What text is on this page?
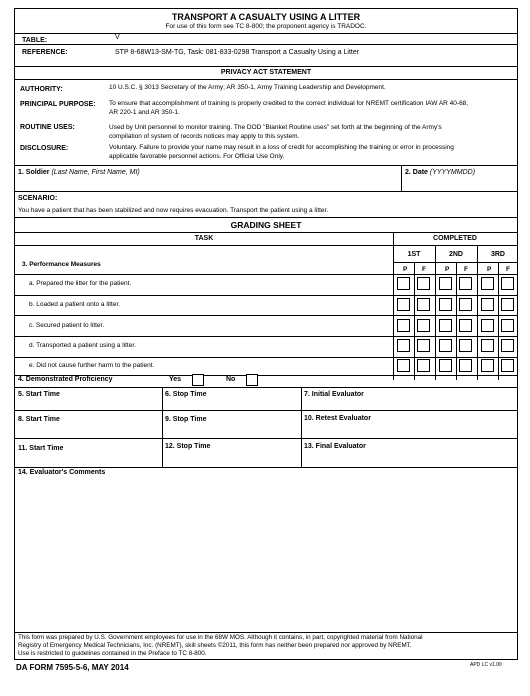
TRANSPORT A CASUALTY USING A LITTER
For use of this form see TC 8-800; the proponent agency is TRADOC.
TABLE:	V
REFERENCE:	STP 8-68W13-SM-TG, Task: 081-833-0298 Transport a Casualty Using a Litter
PRIVACY ACT STATEMENT
AUTHORITY:	10 U.S.C. § 3013 Secretary of the Army; AR 350-1, Army Training Leadership and Development.
PRINCIPAL PURPOSE: To ensure that accomplishment of training is properly credited to the correct individual for NREMT certification IAW AR 40-68, AR 220-1 and AR 350-1.
ROUTINE USES:	Used by Unit personnel to monitor training. The DOD "Blanket Routine uses" set forth at the beginning of the Army's compilation of system of records notices may apply to this system.
DISCLOSURE:	Voluntary. Failure to provide your name may result in a loss of credit for accomplishing the training or error in processing applicable favorable personnel actions. For Official Use Only.
1. Soldier (Last Name, First Name, MI)	2. Date (YYYYMMDD)
SCENARIO:
You have a patient that has been stabilized and now requires evacuation. Transport the patient using a litter.
GRADING SHEET
TASK	COMPLETED
1ST	2ND	3RD
P F	P F	P F
3. Performance Measures
a. Prepared the litter for the patient.
b. Loaded a patient onto a litter.
c. Secured patient to litter.
d. Transported a patient using a litter.
e. Did not cause further harm to the patient.
4. Demonstrated Proficiency	Yes	No
5. Start Time	6. Stop Time	7. Initial Evaluator
8. Start Time	9. Stop Time	10. Retest Evaluator
11. Start Time	12. Stop Time	13. Final Evaluator
14. Evaluator's Comments
This form was prepared by U.S. Government employees for use in the 68W MOS. Although it contains, in part, copyrighted material from National
Registry of Emergency Medical Technicians, Inc. (NREMT), skill sheets ©2011, this form has neither been prepared nor approved by NREMT.
Use is restricted to guidelines contained in the Preface to TC 8-800.
DA FORM 7595-5-6, MAY 2014	APD LC v1.00
